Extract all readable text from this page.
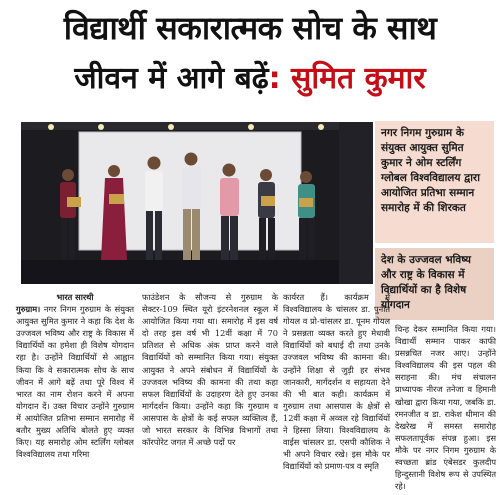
विद्यार्थी सकारात्मक सोच के साथ
जीवन में आगे बढ़ें: सुमित कुमार
नगर निगम गुरुग्राम के संयुक्त आयुक्त सुमित कुमार ने ओम स्टर्लिंग ग्लोबल विश्वविद्यालय द्वारा आयोजित प्रतिभा सम्मान समारोह में की शिरकत
देश के उज्जवल भविष्य और राष्ट्र के विकास में विद्यार्थियों का है विशेष योगदान
भारत सारथी
गुरुग्राम। नगर निगम गुरुग्राम के संयुक्त आयुक्त सुमित कुमार ने कहा कि देश के उज्जवल भविष्य और राष्ट्र के विकास में विद्यार्थियों का हमेशा ही विशेष योगदान रहा है। उन्होंने विद्यार्थियों से आह्वान किया कि वे सकारात्मक सोच के साथ जीवन में आगे बढ़ें तथा पूरे विश्व में भारत का नाम रोशन करने में अपना योगदान दें। उक्त विचार उन्होंने गुरुग्राम में आयोजित प्रतिभा सम्मान समारोह में बतौर मुख्य अतिथि बोलते हुए व्यक्त किए। यह समारोह ओम स्टर्लिंग ग्लोबल विश्वविद्यालय तथा गरिमा
फाउंडेशन के सौजन्य से गुरुग्राम के सेक्टर-109 स्थित यूरो इंटरनेशनल स्कूल में आयोजित किया गया था। समारोह में इस वर्ष दो तरह इस वर्ष भी 12वीं कक्षा में 70 प्रतिशत से अधिक अंक प्राप्त करने वाले विद्यार्थियों को सम्मानित किया गया। संयुक्त आयुक्त ने अपने संबोधन में विद्यार्थियों के उज्जवल भविष्य की कामना की तथा कहा सफल विद्यार्थियों के उदाहरण देते हुए उनका मार्गदर्शन किया। उन्होंने कहा कि गुरुग्राम व आसपास के क्षेत्रों के कई सफल व्यक्तित्व हैं, जो भारत सरकार के विभिन्न विभागों तथा कॉरपोरेट जगत में अच्छे पदों पर
कार्यरत हैं। कार्यक्रम में विश्वविद्यालय के चांसलर डा. पुनीत गोयल व प्रो-चांसलर डा. पूनम गोयल ने प्रसन्नता व्यक्त करते हुए मेधावी विद्यार्थियों को बधाई दी तथा उनके उज्जवल भविष्य की कामना की। उन्होंने शिक्षा से जुड़ी हर संभव जानकारी, मार्गदर्शन व सहायता देने की भी बात कही। कार्यक्रम में गुरुग्राम तथा आसपास के क्षेत्रों से 12वीं कक्षा में अव्वल रहे विद्यार्थियों ने हिस्सा लिया। विश्वविद्यालय के वाईस चांसलर डा. एसपी कौशिक ने भी अपने विचार रखे। इस मौके पर विद्यार्थियों को प्रमाण-पत्र व स्मृति
चिन्ह देकर सम्मानित किया गया। विद्यार्थी सम्मान पाकर काफी प्रसन्नचित नजर आए। उन्होंने विश्वविद्यालय की इस पहल की सराहना की। मंच संचालन प्राध्यापक नीरज तनेजा व हिमानी खोखा द्वारा किया गया, जबकि डा. रमनजीत व डा. राकेश धीमान की देखरेख में समस्त समारोह सफलतापूर्वक संपन्न हुआ। इस मौके पर नगर निगम गुरुग्राम के स्वच्छता ब्रांड एंबेसडर कुलदीप हिन्दुस्तानी विशेष रूप से उपस्थित रहे।
